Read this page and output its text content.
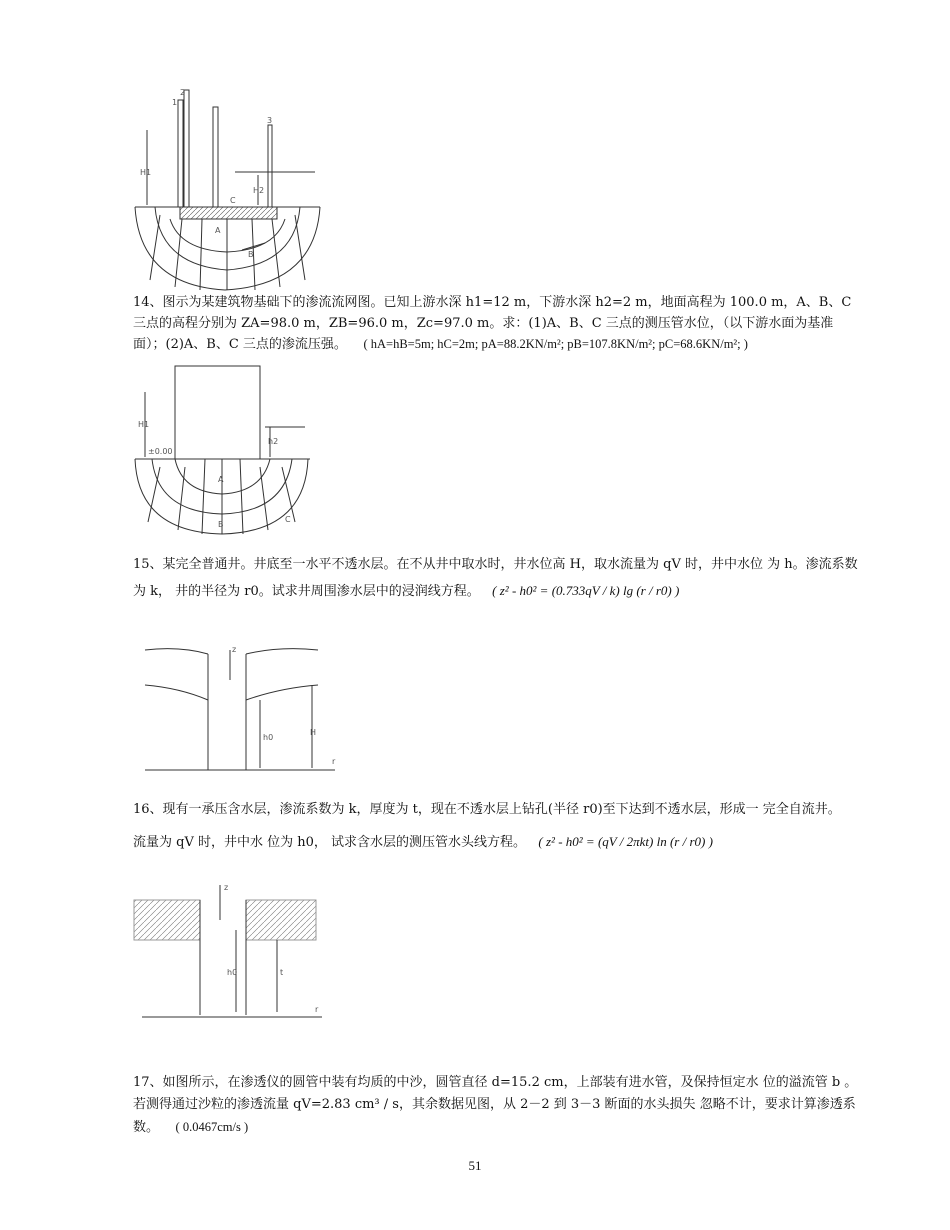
1
2
3
H1
H2
A
B
C
14、图示为某建筑物基础下的渗流流网图。已知上游水深 h1=12 m，下游水深 h2=2 m，地面高程为 100.0 m，A、B、C 三点的高程分别为 ZA=98.0 m，ZB=96.0 m，Zc=97.0 m。求：(1)A、B、C 三点的测压管水位，（以下游水面为基准面）；(2)A、B、C 三点的渗流压强。 ( hA=hB=5m; hC=2m; pA=88.2KN/m²; pB=107.8KN/m²; pC=68.6KN/m²; )
H1
h2
±0.00
A
B
C
15、某完全普通井。井底至一水平不透水层。在不从井中取水时，井水位高 H，取水流量为 qV 时，井中水位 为 h。渗流系数
为 k， 井的半径为 r0。试求井周围渗水层中的浸润线方程。 ( z² - h0² = (0.733qV / k) lg (r / r0) )
z
h0
H
r
16、现有一承压含水层，渗流系数为 k，厚度为 t，现在不透水层上钻孔(半径 r0)至下达到不透水层，形成一 完全自流井。
流量为 qV 时，井中水 位为 h0， 试求含水层的测压管水头线方程。 ( z² - h0² = (qV / 2πkt) ln (r / r0) )
z
h0	t
r
17、如图所示，在渗透仪的圆管中装有均质的中沙，圆管直径 d=15.2 cm，上部装有进水管，及保持恒定水 位的溢流管 b 。若测得通过沙粒的渗透流量 qV=2.83 cm³ / s，其余数据见图，从 2－2 到 3－3 断面的水头损失 忽略不计，要求计算渗透系数。 ( 0.0467cm/s )
51
